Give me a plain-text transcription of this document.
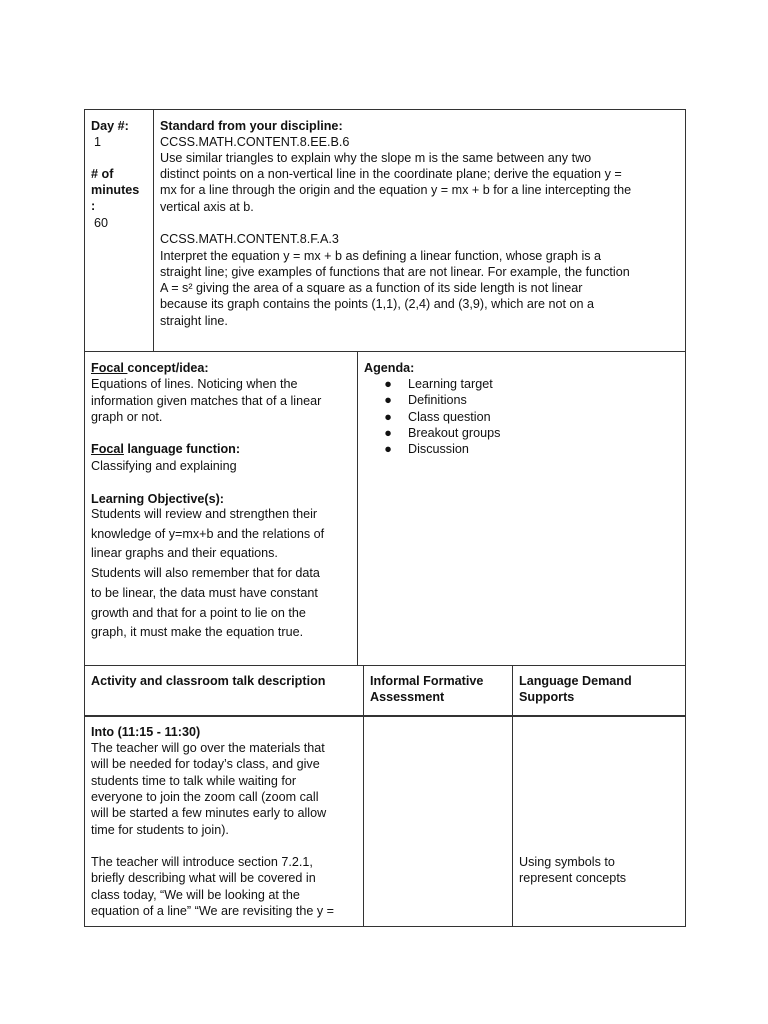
Day #:
1
# of
minutes
:
60
Standard from your discipline:
CCSS.MATH.CONTENT.8.EE.B.6
Use similar triangles to explain why the slope m is the same between any two
distinct points on a non-vertical line in the coordinate plane; derive the equation y =
mx for a line through the origin and the equation y = mx + b for a line intercepting the
vertical axis at b.
CCSS.MATH.CONTENT.8.F.A.3
Interpret the equation y = mx + b as defining a linear function, whose graph is a
straight line; give examples of functions that are not linear. For example, the function
A = s² giving the area of a square as a function of its side length is not linear
because its graph contains the points (1,1), (2,4) and (3,9), which are not on a
straight line.
Focal concept/idea:
Equations of lines. Noticing when the
information given matches that of a linear
graph or not.
Focal language function:
Classifying and explaining
Learning Objective(s):
Students will review and strengthen their
knowledge of y=mx+b and the relations of
linear graphs and their equations.
Students will also remember that for data
to be linear, the data must have constant
growth and that for a point to lie on the
graph, it must make the equation true.
Agenda:
● Learning target
● Definitions
● Class question
● Breakout groups
● Discussion
Activity and classroom talk description	Informal Formative
Assessment
Language Demand
Supports
Into (11:15 - 11:30)
The teacher will go over the materials that
will be needed for today’s class, and give
students time to talk while waiting for
everyone to join the zoom call (zoom call
will be started a few minutes early to allow
time for students to join).
The teacher will introduce section 7.2.1,
briefly describing what will be covered in
class today, “We will be looking at the
equation of a line” “We are revisiting the y =
Using symbols to
represent concepts
